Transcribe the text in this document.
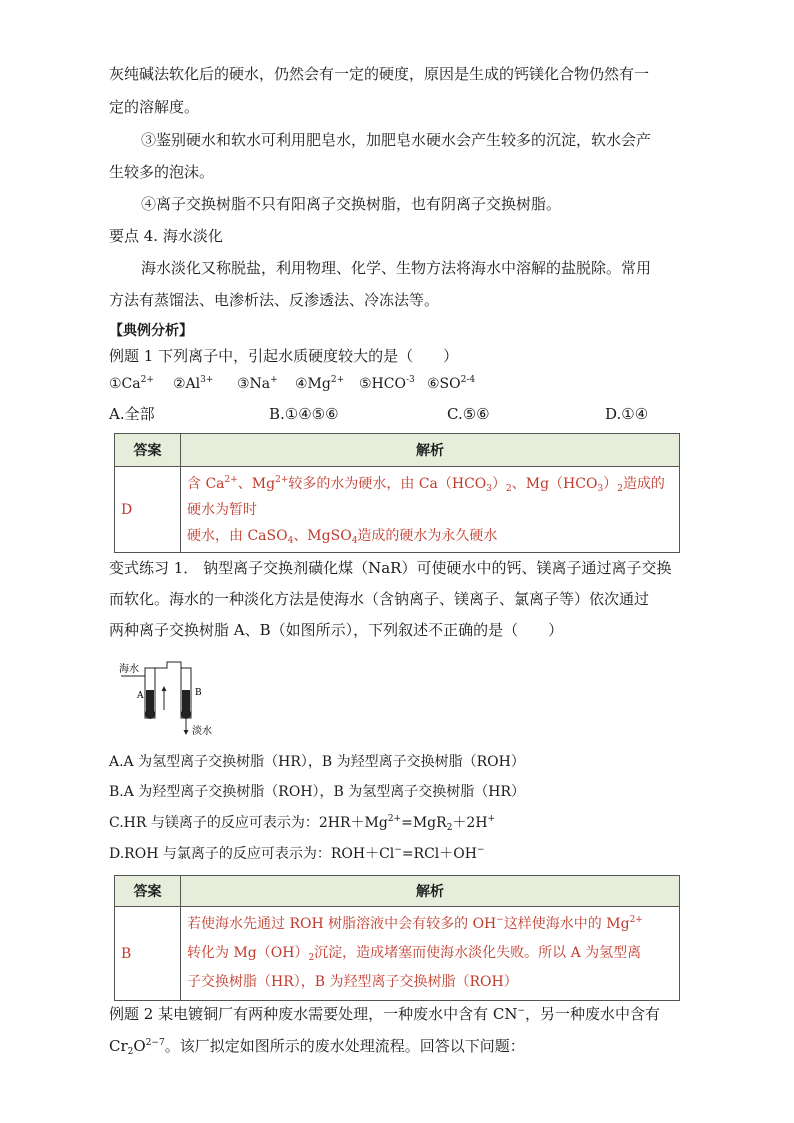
灰纯碱法软化后的硬水，仍然会有一定的硬度，原因是生成的钙镁化合物仍然有一
定的溶解度。
③鉴别硬水和软水可利用肥皂水，加肥皂水硬水会产生较多的沉淀，软水会产
生较多的泡沫。
④离子交换树脂不只有阳离子交换树脂，也有阴离子交换树脂。
要点 4. 海水淡化
海水淡化又称脱盐，利用物理、化学、生物方法将海水中溶解的盐脱除。常用
方法有蒸馏法、电渗析法、反渗透法、冷冻法等。
【典例分析】
例题 1 下列离子中，引起水质硬度较大的是（　　）
$①Ca^{2+}$ $②Al^{3+}$ ③Na+ $④Mg^{2+}$ $⑤HCO^{-3}$ ⑥SO$^{2-4}$
A.全部	B.①④⑤⑥	C.⑤⑥	D.①④
答案	解析
D	含 $Ca^{2+}$、$Mg^{2+}$较多的水为硬水，由 $Ca(HCO_3)_2$、$Mg(HCO_3)_2$造成的硬水为暂时
硬水，由 CaSO$_4$、MgSO$_4$造成的硬水为永久硬水
变式练习 1． 钠型离子交换剂磺化煤（NaR）可使硬水中的钙、镁离子通过离子交换
而软化。海水的一种淡化方法是使海水（含钠离子、镁离子、氯离子等）依次通过
两种离子交换树脂 A、B（如图所示），下列叙述不正确的是（　　）
海水
A	B
淡水
A.A 为氢型离子交换树脂（HR），B 为羟型离子交换树脂（ROH）
B.A 为羟型离子交换树脂（ROH），B 为氢型离子交换树脂（HR）
C.HR 与镁离子的反应可表示为：$2HR+Mg^{2+}=MgR_2+2H^+$
D.ROH 与氯离子的反应可表示为：ROH＋Cl−=RCl＋OH−
答案	解析
B	若使海水先通过 ROH 树脂溶液中会有较多的 OH−这样使海水中的 $Mg^{2+}$
转化为 $Mg(OH)_2$沉淀，造成堵塞而使海水淡化失败。所以 A 为氢型离
子交换树脂（HR），B 为羟型离子交换树脂（ROH）
例题 2 某电镀铜厂有两种废水需要处理，一种废水中含有 CN−，另一种废水中含有
$Cr_2O^{2-7}$。该厂拟定如图所示的废水处理流程。回答以下问题：
